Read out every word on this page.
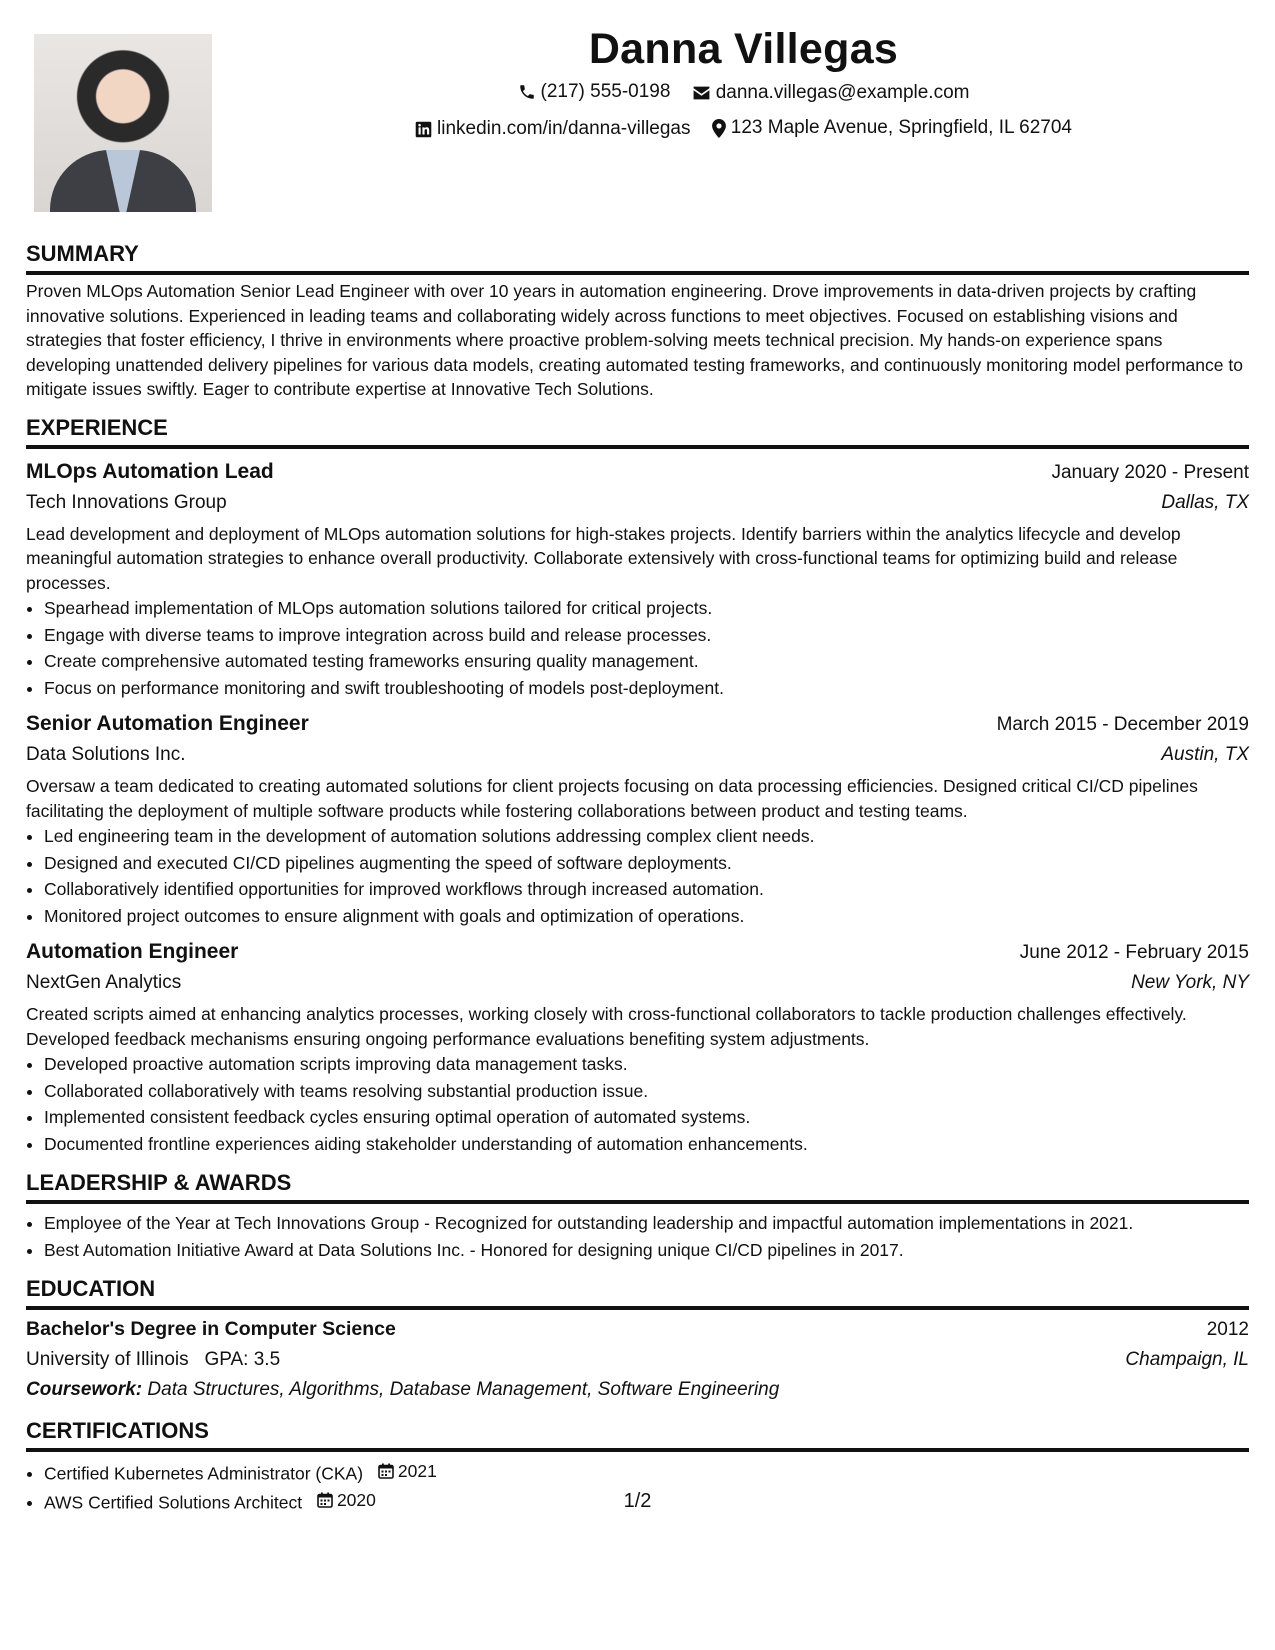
Danna Villegas
(217) 555-0198
danna.villegas@example.com
linkedin.com/in/danna-villegas
123 Maple Avenue, Springfield, IL 62704
SUMMARY

Proven MLOps Automation Senior Lead Engineer with over 10 years in automation engineering. Drove improvements in data-driven projects by crafting innovative solutions. Experienced in leading teams and collaborating widely across functions to meet objectives. Focused on establishing visions and strategies that foster efficiency, I thrive in environments where proactive problem-solving meets technical precision. My hands-on experience spans developing unattended delivery pipelines for various data models, creating automated testing frameworks, and continuously monitoring model performance to mitigate issues swiftly. Eager to contribute expertise at Innovative Tech Solutions.

EXPERIENCE
MLOps Automation Lead	January 2020 - Present
Tech Innovations Group	Dallas, TX

Lead development and deployment of MLOps automation solutions for high-stakes projects. Identify barriers within the analytics lifecycle and develop meaningful automation strategies to enhance overall productivity. Collaborate extensively with cross-functional teams for optimizing build and release processes.

• Spearhead implementation of MLOps automation solutions tailored for critical projects.
• Engage with diverse teams to improve integration across build and release processes.
• Create comprehensive automated testing frameworks ensuring quality management.
• Focus on performance monitoring and swift troubleshooting of models post-deployment.
Senior Automation Engineer	March 2015 - December 2019
Data Solutions Inc.	Austin, TX

Oversaw a team dedicated to creating automated solutions for client projects focusing on data processing efficiencies. Designed critical CI/CD pipelines facilitating the deployment of multiple software products while fostering collaborations between product and testing teams.

• Led engineering team in the development of automation solutions addressing complex client needs.
• Designed and executed CI/CD pipelines augmenting the speed of software deployments.
• Collaboratively identified opportunities for improved workflows through increased automation.
• Monitored project outcomes to ensure alignment with goals and optimization of operations.
Automation Engineer	June 2012 - February 2015
NextGen Analytics	New York, NY

Created scripts aimed at enhancing analytics processes, working closely with cross-functional collaborators to tackle production challenges effectively. Developed feedback mechanisms ensuring ongoing performance evaluations benefiting system adjustments.

• Developed proactive automation scripts improving data management tasks.
• Collaborated collaboratively with teams resolving substantial production issue.
• Implemented consistent feedback cycles ensuring optimal operation of automated systems.
• Documented frontline experiences aiding stakeholder understanding of automation enhancements.
LEADERSHIP & AWARDS
• Employee of the Year at Tech Innovations Group - Recognized for outstanding leadership and impactful automation implementations in 2021.
• Best Automation Initiative Award at Data Solutions Inc. - Honored for designing unique CI/CD pipelines in 2017.
EDUCATION
Bachelor's Degree in Computer Science	2012
University of Illinois GPA: 3.5	Champaign, IL
Coursework: Data Structures, Algorithms, Database Management, Software Engineering
CERTIFICATIONS
• Certified Kubernetes Administrator (CKA) 2021
• AWS Certified Solutions Architect 2020	1/2
